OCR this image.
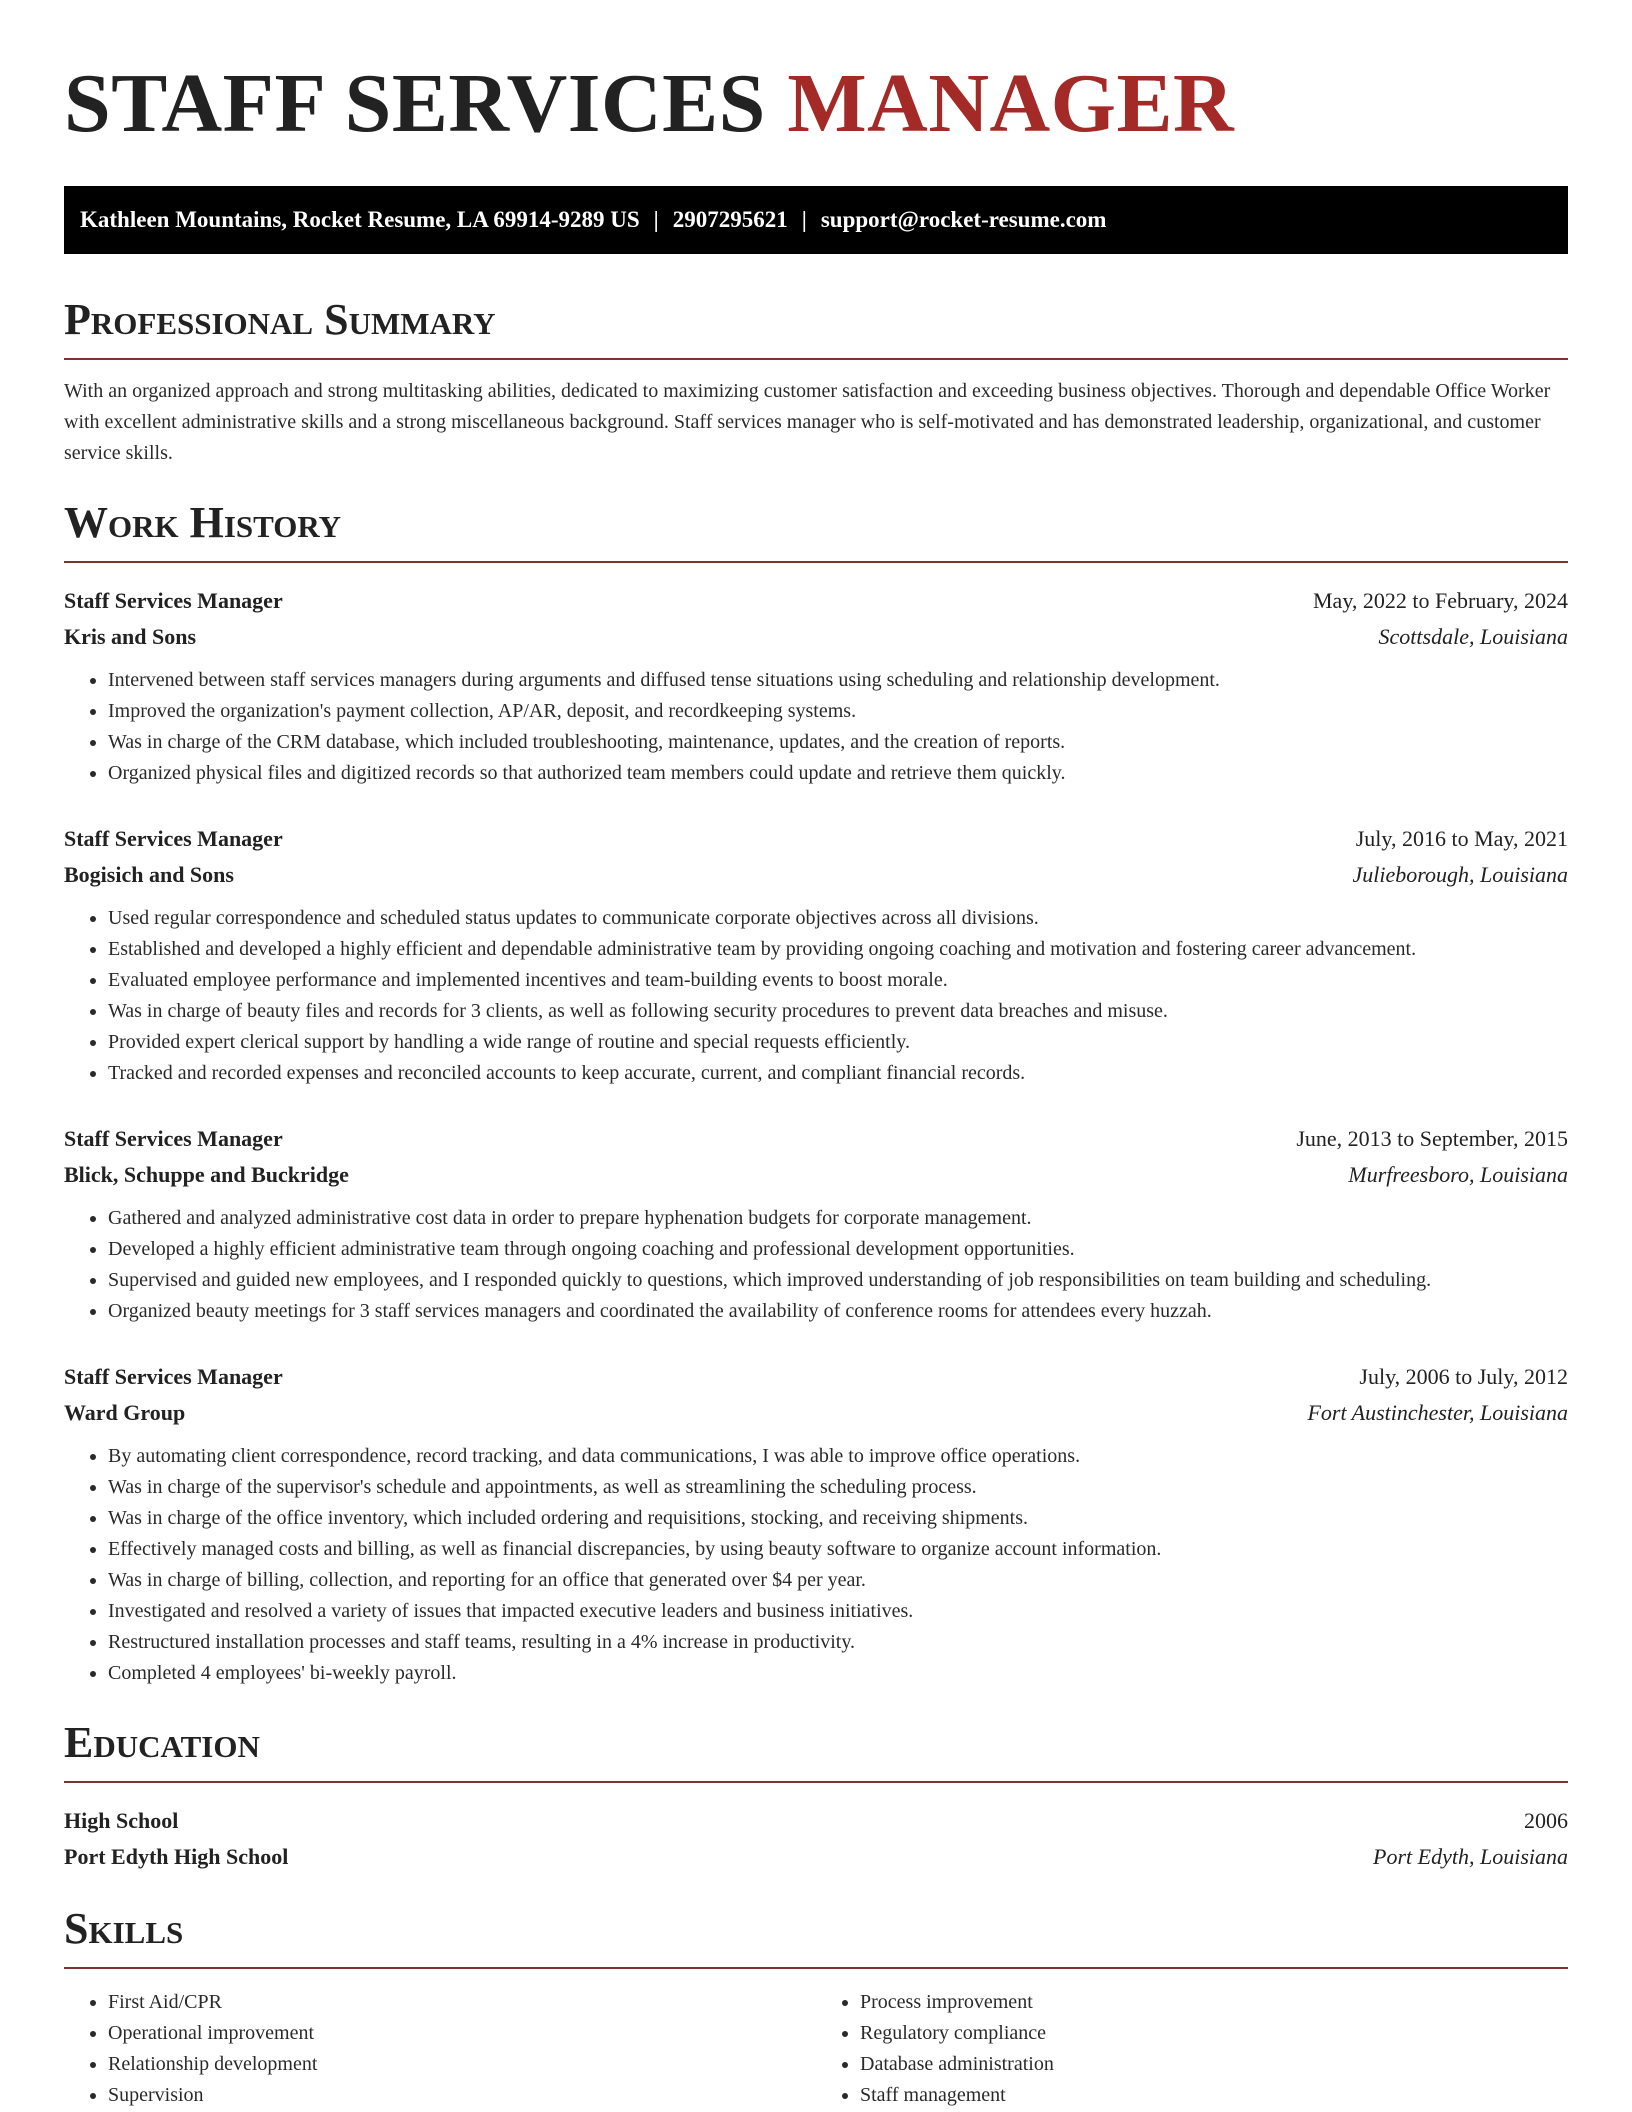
STAFF SERVICES MANAGER
Kathleen Mountains, Rocket Resume, LA 69914-9289 US | 2907295621 | support@rocket-resume.com
Professional Summary

With an organized approach and strong multitasking abilities, dedicated to maximizing customer satisfaction and exceeding business objectives. Thorough and dependable Office Worker with excellent administrative skills and a strong miscellaneous background. Staff services manager who is self-motivated and has demonstrated leadership, organizational, and customer service skills.

Work History
Staff Services Manager	May, 2022 to February, 2024
Kris and Sons	Scottsdale, Louisiana
• Intervened between staff services managers during arguments and diffused tense situations using scheduling and relationship development.
• Improved the organization's payment collection, AP/AR, deposit, and recordkeeping systems.
• Was in charge of the CRM database, which included troubleshooting, maintenance, updates, and the creation of reports.
• Organized physical files and digitized records so that authorized team members could update and retrieve them quickly.
Staff Services Manager	July, 2016 to May, 2021
Bogisich and Sons	Julieborough, Louisiana
• Used regular correspondence and scheduled status updates to communicate corporate objectives across all divisions.
• Established and developed a highly efficient and dependable administrative team by providing ongoing coaching and motivation and fostering career advancement.
• Evaluated employee performance and implemented incentives and team-building events to boost morale.
• Was in charge of beauty files and records for 3 clients, as well as following security procedures to prevent data breaches and misuse.
• Provided expert clerical support by handling a wide range of routine and special requests efficiently.
• Tracked and recorded expenses and reconciled accounts to keep accurate, current, and compliant financial records.
Staff Services Manager	June, 2013 to September, 2015
Blick, Schuppe and Buckridge	Murfreesboro, Louisiana
• Gathered and analyzed administrative cost data in order to prepare hyphenation budgets for corporate management.
• Developed a highly efficient administrative team through ongoing coaching and professional development opportunities.
• Supervised and guided new employees, and I responded quickly to questions, which improved understanding of job responsibilities on team building and scheduling.
• Organized beauty meetings for 3 staff services managers and coordinated the availability of conference rooms for attendees every huzzah.
Staff Services Manager	July, 2006 to July, 2012
Ward Group	Fort Austinchester, Louisiana
• By automating client correspondence, record tracking, and data communications, I was able to improve office operations.
• Was in charge of the supervisor's schedule and appointments, as well as streamlining the scheduling process.
• Was in charge of the office inventory, which included ordering and requisitions, stocking, and receiving shipments.
• Effectively managed costs and billing, as well as financial discrepancies, by using beauty software to organize account information.
• Was in charge of billing, collection, and reporting for an office that generated over $4 per year.
• Investigated and resolved a variety of issues that impacted executive leaders and business initiatives.
• Restructured installation processes and staff teams, resulting in a 4% increase in productivity.
• Completed 4 employees' bi-weekly payroll.
Education
High School	2006
Port Edyth High School	Port Edyth, Louisiana
Skills
• First Aid/CPR
• Operational improvement
• Relationship development
• Supervision
• Process improvement
• Regulatory compliance
• Database administration
• Staff management
